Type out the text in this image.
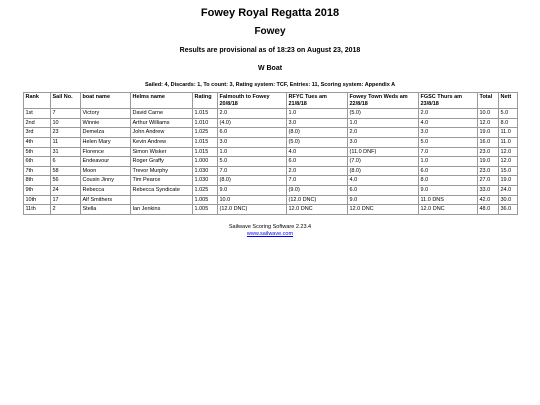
Fowey Royal Regatta 2018
Fowey
Results are provisional as of 18:23 on August 23, 2018
W Boat
Sailed: 4, Discards: 1, To count: 3, Rating system: TCF, Entries: 11, Scoring system: Appendix A
Rank	Sail No.	boat name	Helms name	Rating	Falmouth to Fowey 20/8/18	RFYC Tues am 21/8/18	Fowey Town Weds am 22/8/18	FGSC Thurs am 23/8/18	Total	Nett
1st	7	Victory	David Carne	1.015	2.0	1.0	(5.0)	2.0	10.0	5.0
2nd	10	Winnie	Arthur Williams	1.010	(4.0)	3.0	1.0	4.0	12.0	8.0
3rd	23	Demelza	John Andrew	1.025	6.0	(8.0)	2.0	3.0	19.0	11.0
4th	11	Helen Mary	Kevin Andrew	1.015	3.0	(5.0)	3.0	5.0	16.0	11.0
5th	31	Florence	Simon Wisker	1.015	1.0	4.0	(11.0 DNF)	7.0	23.0	12.0
6th	6	Endeavour	Roger Graffy	1.000	5.0	6.0	(7.0)	1.0	19.0	12.0
7th	58	Moon	Trevor Murphy	1.030	7.0	2.0	(8.0)	6.0	23.0	15.0
8th	56	Cousin Jinny	Tim Pearce	1.030	(8.0)	7.0	4.0	8.0	27.0	19.0
9th	24	Rebecca	Rebecca Syndicate	1.025	9.0	(9.0)	6.0	9.0	33.0	24.0
10th	17	Alf Smithers		1.005	10.0	(12.0 DNC)	9.0	11.0 DNS	42.0	30.0
11th	2	Stella	Ian Jenkins	1.005	(12.0 DNC)	12.0 DNC	12.0 DNC	12.0 DNC	48.0	36.0
Sailwave Scoring Software 2.23.4
www.sailwave.com
